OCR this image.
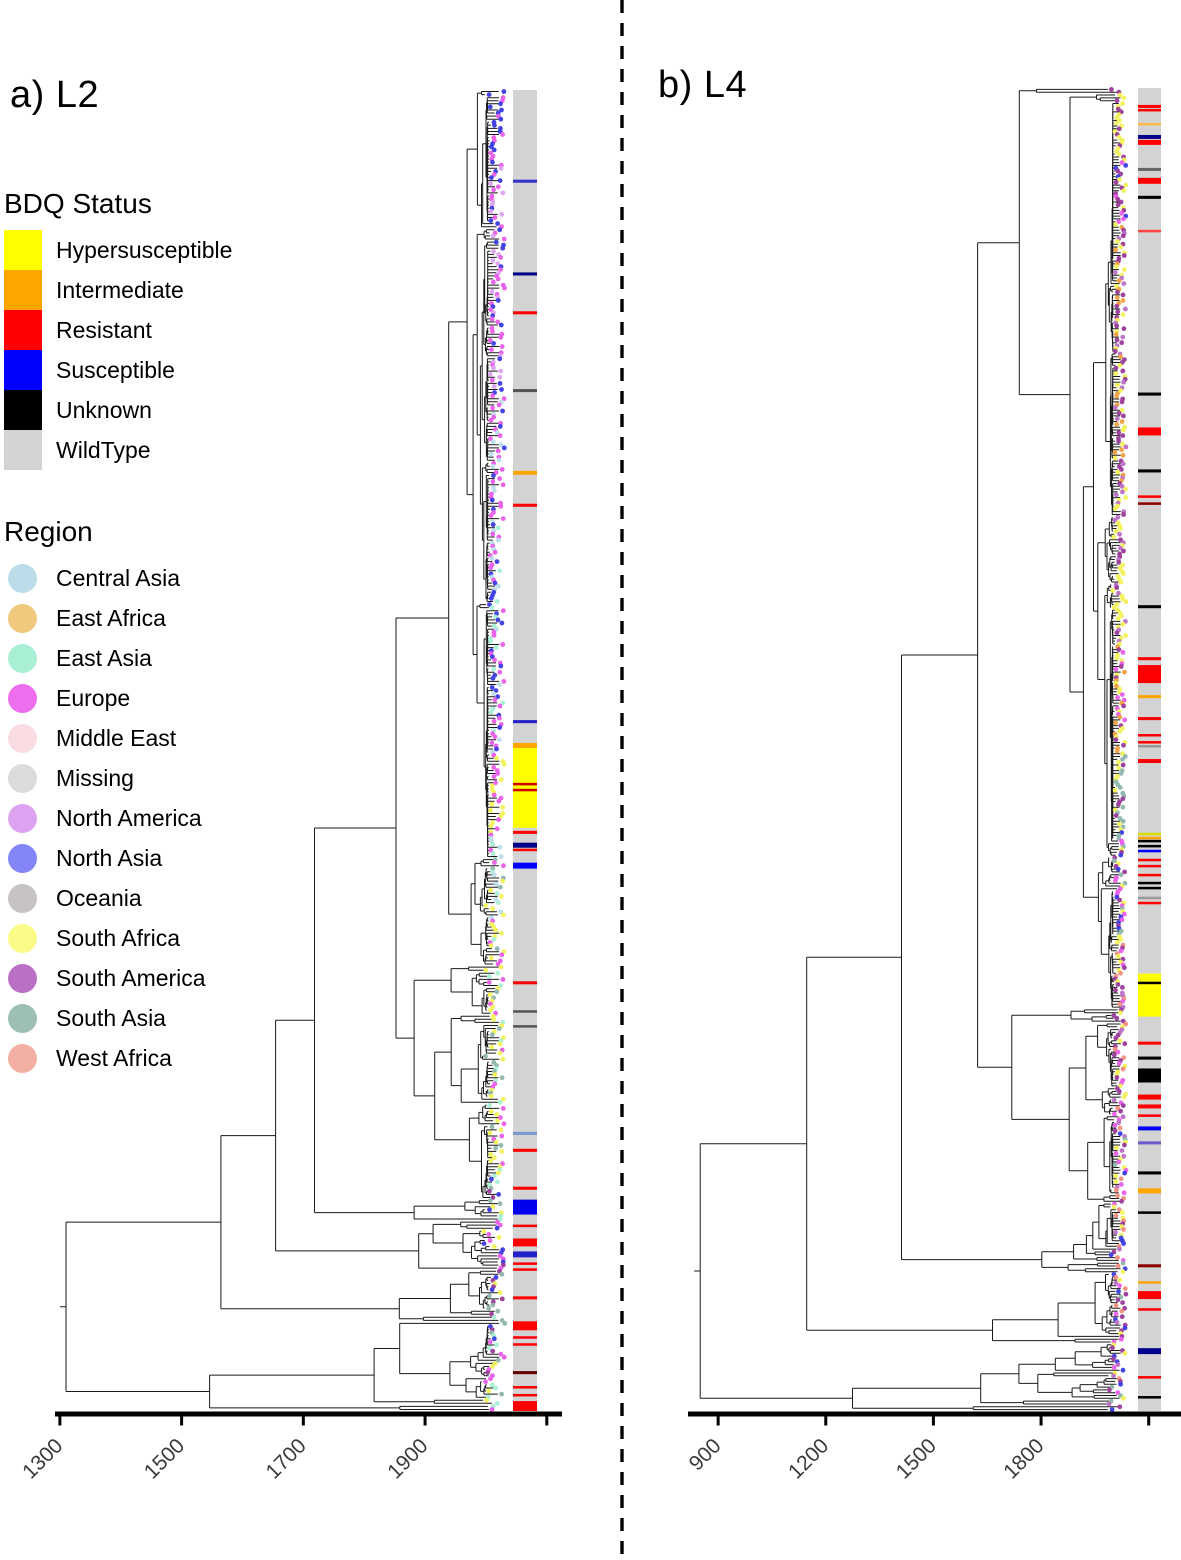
1300	1500	1700	1900	900	1200	1500	1800
a) L2	b) L4
BDQ Status
Hypersusceptible
Intermediate
Resistant
Susceptible
Unknown
WildType
Region
Central Asia
East Africa
East Asia
Europe
Middle East
Missing
North America
North Asia
Oceania
South Africa
South America
South Asia
West Africa
